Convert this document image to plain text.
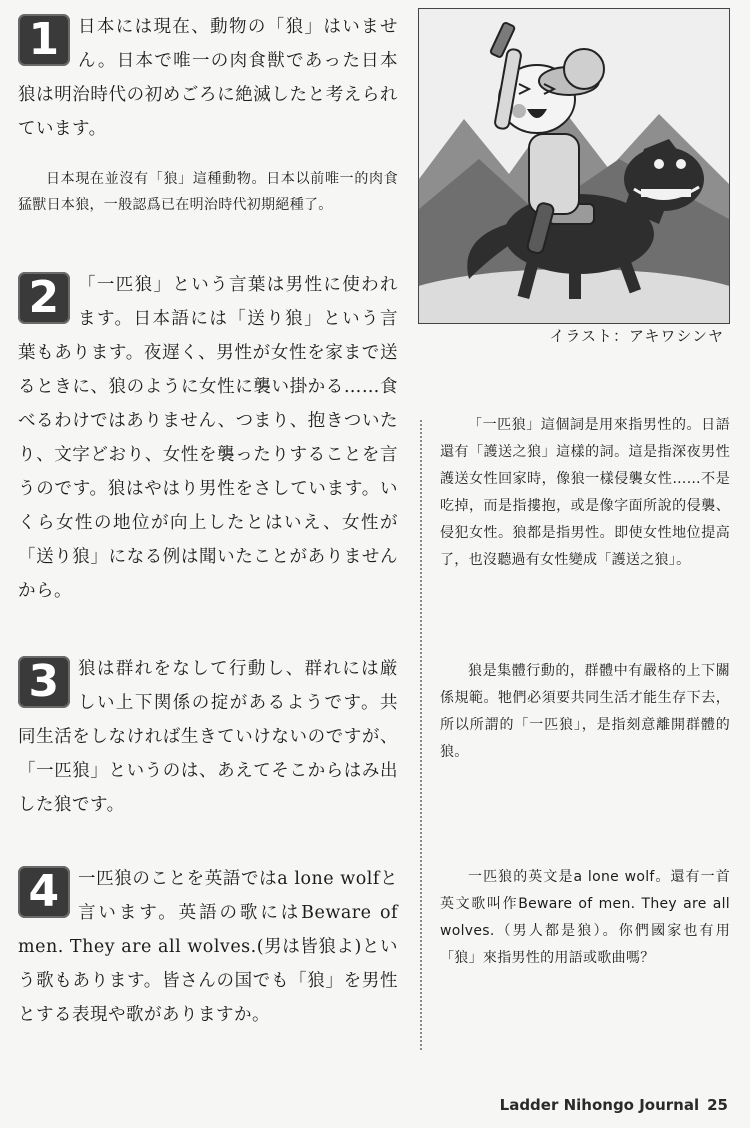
1	日本には現在、動物の「狼」はいません。日本で唯一の肉食獣であった日本狼は明治時代の初めごろに絶滅したと考えられています。

日本現在並沒有「狼」這種動物。日本以前唯一的肉食猛獸日本狼，一般認爲已在明治時代初期絕種了。

2	「一匹狼」という言葉は男性に使われます。日本語には「送り狼」という言葉もあります。夜遅く、男性が女性を家まで送るときに、狼のように女性に襲い掛かる……食べるわけではありません、つまり、抱きついたり、文字どおり、女性を襲ったりすることを言うのです。狼はやはり男性をさしています。いくら女性の地位が向上したとはいえ、女性が「送り狼」になる例は聞いたことがありませんから。

3	狼は群れをなして行動し、群れには厳しい上下関係の掟があるようです。共同生活をしなければ生きていけないのですが、「一匹狼」というのは、あえてそこからはみ出した狼です。

4	一匹狼のことを英語ではa lone wolfと言います。英語の歌にはBeware of men. They are all wolves.(男は皆狼よ)という歌もあります。皆さんの国でも「狼」を男性とする表現や歌がありますか。

イラスト：アキワシンヤ

「一匹狼」這個詞是用來指男性的。日語還有「護送之狼」這樣的詞。這是指深夜男性護送女性回家時，像狼一樣侵襲女性……不是吃掉，而是指摟抱，或是像字面所說的侵襲、侵犯女性。狼都是指男性。即使女性地位提高了，也沒聽過有女性變成「護送之狼」。

狼是集體行動的，群體中有嚴格的上下關係規範。牠們必須要共同生活才能生存下去，所以所謂的「一匹狼」，是指刻意離開群體的狼。

一匹狼的英文是a lone wolf。還有一首英文歌叫作Beware of men. They are all wolves.（男人都是狼）。你們國家也有用「狼」來指男性的用語或歌曲嗎？

Ladder Nihongo Journal 25
